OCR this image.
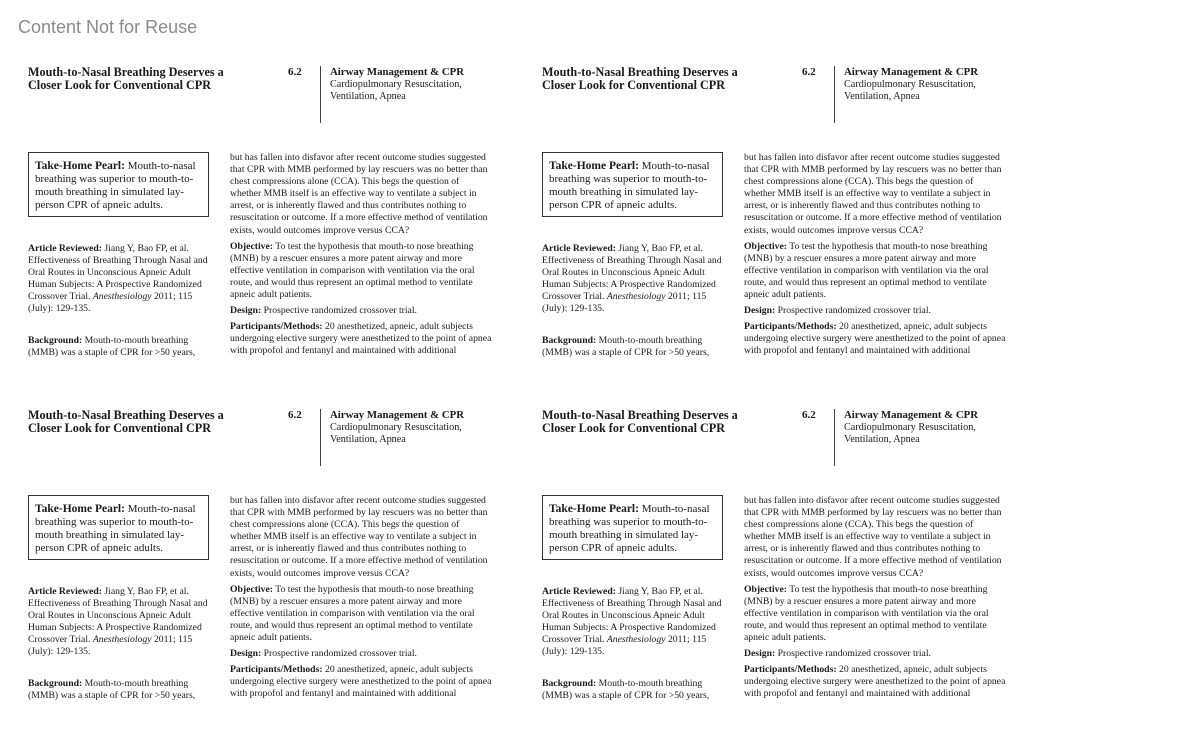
Content Not for Reuse
Mouth-to-Nasal Breathing Deserves a Closer Look for Conventional CPR
6.2	Airway Management & CPR
Cardiopulmonary Resuscitation, Ventilation, Apnea
Take-Home Pearl: Mouth-to-nasal breathing was superior to mouth-to-mouth breathing in simulated lay-person CPR of apneic adults.
Article Reviewed: Jiang Y, Bao FP, et al. Effectiveness of Breathing Through Nasal and Oral Routes in Unconscious Apneic Adult Human Subjects: A Prospective Randomized Crossover Trial. Anesthesiology 2011; 115 (July): 129-135.
Background: Mouth-to-mouth breathing (MMB) was a staple of CPR for >50 years,

but has fallen into disfavor after recent outcome studies suggested that CPR with MMB performed by lay rescuers was no better than chest compressions alone (CCA). This begs the question of whether MMB itself is an effective way to ventilate a subject in arrest, or is inherently flawed and thus contributes nothing to resuscitation or outcome. If a more effective method of ventilation exists, would outcomes improve versus CCA?

Objective: To test the hypothesis that mouth-to nose breathing (MNB) by a rescuer ensures a more patent airway and more effective ventilation in comparison with ventilation via the oral route, and would thus represent an optimal method to ventilate apneic adult patients.

Design: Prospective randomized crossover trial.

Participants/Methods: 20 anesthetized, apneic, adult subjects undergoing elective surgery were anesthetized to the point of apnea with propofol and fentanyl and maintained with additional

Mouth-to-Nasal Breathing Deserves a Closer Look for Conventional CPR
6.2	Airway Management & CPR
Cardiopulmonary Resuscitation, Ventilation, Apnea
Take-Home Pearl: Mouth-to-nasal breathing was superior to mouth-to-mouth breathing in simulated lay-person CPR of apneic adults.
Article Reviewed: Jiang Y, Bao FP, et al. Effectiveness of Breathing Through Nasal and Oral Routes in Unconscious Apneic Adult Human Subjects: A Prospective Randomized Crossover Trial. Anesthesiology 2011; 115 (July): 129-135.
Background: Mouth-to-mouth breathing (MMB) was a staple of CPR for >50 years,

but has fallen into disfavor after recent outcome studies suggested that CPR with MMB performed by lay rescuers was no better than chest compressions alone (CCA). This begs the question of whether MMB itself is an effective way to ventilate a subject in arrest, or is inherently flawed and thus contributes nothing to resuscitation or outcome. If a more effective method of ventilation exists, would outcomes improve versus CCA?

Objective: To test the hypothesis that mouth-to nose breathing (MNB) by a rescuer ensures a more patent airway and more effective ventilation in comparison with ventilation via the oral route, and would thus represent an optimal method to ventilate apneic adult patients.

Design: Prospective randomized crossover trial.

Participants/Methods: 20 anesthetized, apneic, adult subjects undergoing elective surgery were anesthetized to the point of apnea with propofol and fentanyl and maintained with additional

Mouth-to-Nasal Breathing Deserves a Closer Look for Conventional CPR
6.2	Airway Management & CPR
Cardiopulmonary Resuscitation, Ventilation, Apnea
Take-Home Pearl: Mouth-to-nasal breathing was superior to mouth-to-mouth breathing in simulated lay-person CPR of apneic adults.
Article Reviewed: Jiang Y, Bao FP, et al. Effectiveness of Breathing Through Nasal and Oral Routes in Unconscious Apneic Adult Human Subjects: A Prospective Randomized Crossover Trial. Anesthesiology 2011; 115 (July): 129-135.
Background: Mouth-to-mouth breathing (MMB) was a staple of CPR for >50 years,

but has fallen into disfavor after recent outcome studies suggested that CPR with MMB performed by lay rescuers was no better than chest compressions alone (CCA). This begs the question of whether MMB itself is an effective way to ventilate a subject in arrest, or is inherently flawed and thus contributes nothing to resuscitation or outcome. If a more effective method of ventilation exists, would outcomes improve versus CCA?

Objective: To test the hypothesis that mouth-to nose breathing (MNB) by a rescuer ensures a more patent airway and more effective ventilation in comparison with ventilation via the oral route, and would thus represent an optimal method to ventilate apneic adult patients.

Design: Prospective randomized crossover trial.

Participants/Methods: 20 anesthetized, apneic, adult subjects undergoing elective surgery were anesthetized to the point of apnea with propofol and fentanyl and maintained with additional

Mouth-to-Nasal Breathing Deserves a Closer Look for Conventional CPR
6.2	Airway Management & CPR
Cardiopulmonary Resuscitation, Ventilation, Apnea
Take-Home Pearl: Mouth-to-nasal breathing was superior to mouth-to-mouth breathing in simulated lay-person CPR of apneic adults.
Article Reviewed: Jiang Y, Bao FP, et al. Effectiveness of Breathing Through Nasal and Oral Routes in Unconscious Apneic Adult Human Subjects: A Prospective Randomized Crossover Trial. Anesthesiology 2011; 115 (July): 129-135.
Background: Mouth-to-mouth breathing (MMB) was a staple of CPR for >50 years,

but has fallen into disfavor after recent outcome studies suggested that CPR with MMB performed by lay rescuers was no better than chest compressions alone (CCA). This begs the question of whether MMB itself is an effective way to ventilate a subject in arrest, or is inherently flawed and thus contributes nothing to resuscitation or outcome. If a more effective method of ventilation exists, would outcomes improve versus CCA?

Objective: To test the hypothesis that mouth-to nose breathing (MNB) by a rescuer ensures a more patent airway and more effective ventilation in comparison with ventilation via the oral route, and would thus represent an optimal method to ventilate apneic adult patients.

Design: Prospective randomized crossover trial.

Participants/Methods: 20 anesthetized, apneic, adult subjects undergoing elective surgery were anesthetized to the point of apnea with propofol and fentanyl and maintained with additional
